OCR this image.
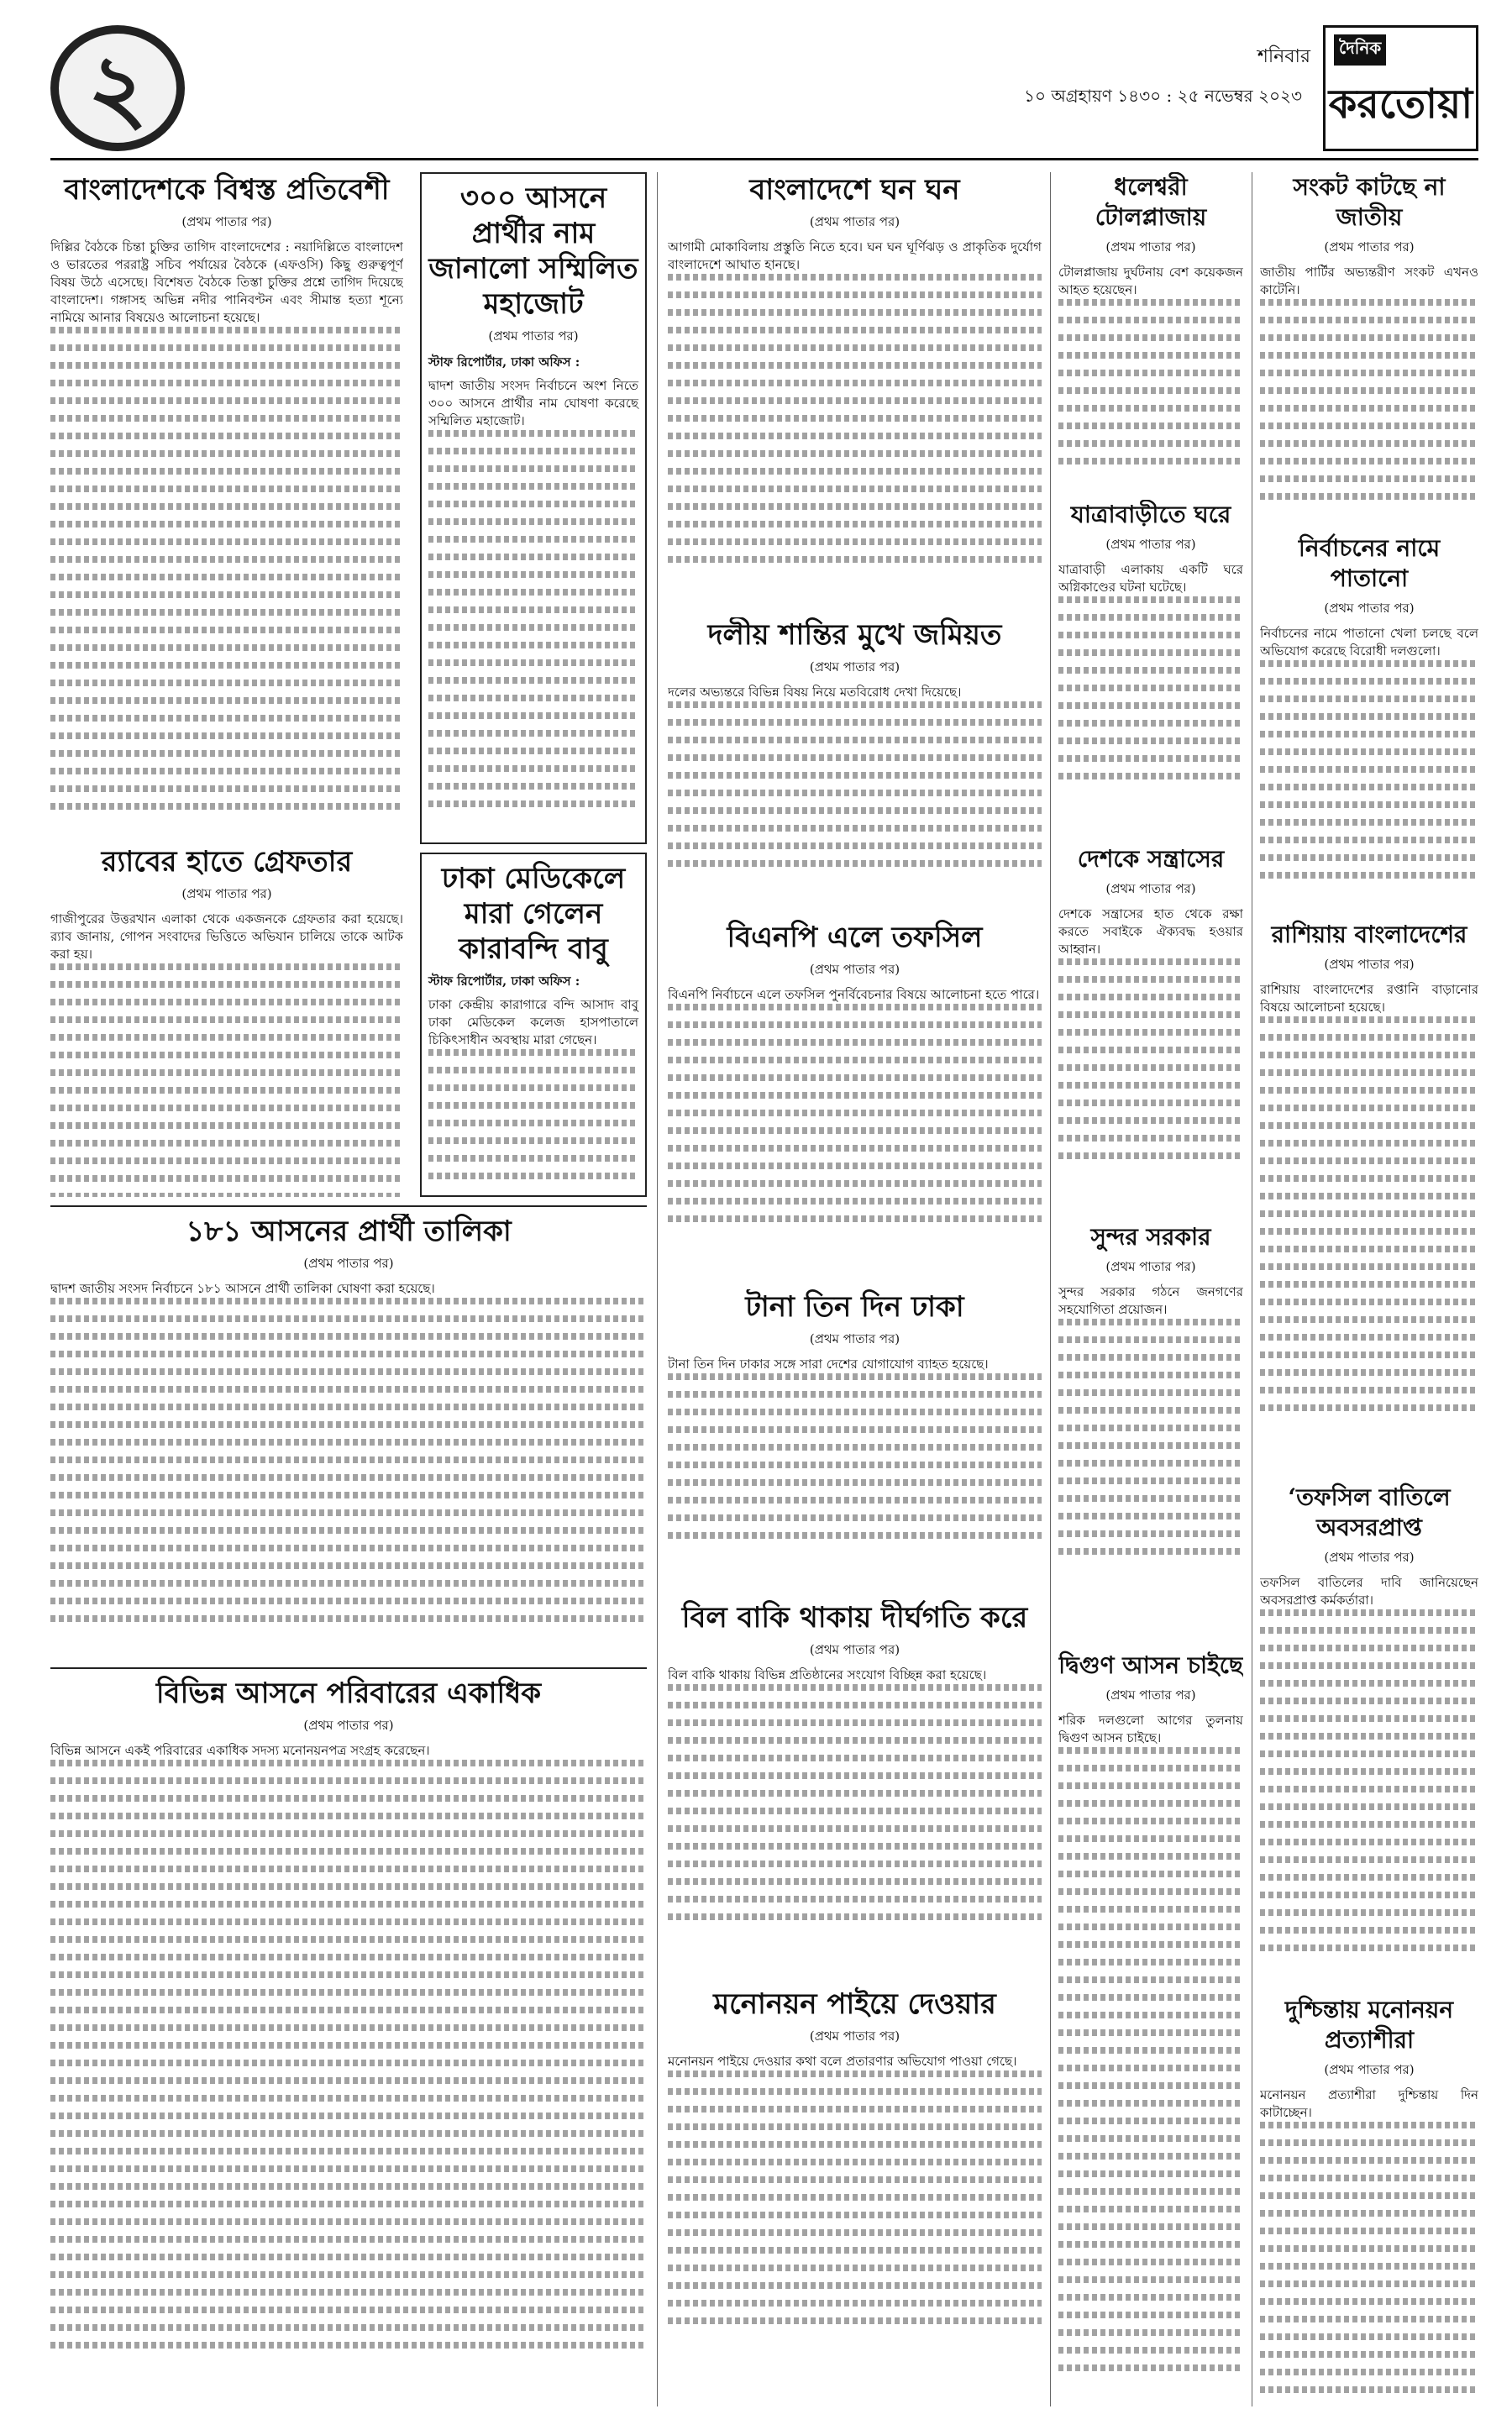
২	শনিবার
১০ অগ্রহায়ণ ১৪৩০ : ২৫ নভেম্বর ২০২৩
দৈনিক
করতোয়া
বাংলাদেশকে বিশ্বস্ত প্রতিবেশী
(প্রথম পাতার পর)

দিল্লির বৈঠকে চিন্তা চুক্তির তাগিদ বাংলাদেশের : নয়াদিল্লিতে বাংলাদেশ ও ভারতের পররাষ্ট্র সচিব পর্যায়ের বৈঠকে (এফওসি) কিছু গুরুত্বপূর্ণ বিষয় উঠে এসেছে। বিশেষত বৈঠকে তিস্তা চুক্তির প্রশ্নে তাগিদ দিয়েছে বাংলাদেশ। গঙ্গাসহ অভিন্ন নদীর পানিবণ্টন এবং সীমান্ত হত্যা শূন্যে নামিয়ে আনার বিষয়েও আলোচনা হয়েছে।

র‌্যাবের হাতে গ্রেফতার
(প্রথম পাতার পর)

গাজীপুরের উত্তরখান এলাকা থেকে একজনকে গ্রেফতার করা হয়েছে। র‌্যাব জানায়, গোপন সংবাদের ভিত্তিতে অভিযান চালিয়ে তাকে আটক করা হয়।

৩০০ আসনে প্রার্থীর নাম জানালো সম্মিলিত মহাজোট
(প্রথম পাতার পর)
স্টাফ রিপোর্টার, ঢাকা অফিস :

দ্বাদশ জাতীয় সংসদ নির্বাচনে অংশ নিতে ৩০০ আসনে প্রার্থীর নাম ঘোষণা করেছে সম্মিলিত মহাজোট।

ঢাকা মেডিকেলে মারা গেলেন কারাবন্দি বাবু
স্টাফ রিপোর্টার, ঢাকা অফিস :

ঢাকা কেন্দ্রীয় কারাগারে বন্দি আসাদ বাবু ঢাকা মেডিকেল কলেজ হাসপাতালে চিকিৎসাধীন অবস্থায় মারা গেছেন।

১৮১ আসনের প্রার্থী তালিকা
(প্রথম পাতার পর)

দ্বাদশ জাতীয় সংসদ নির্বাচনে ১৮১ আসনে প্রার্থী তালিকা ঘোষণা করা হয়েছে।

বিভিন্ন আসনে পরিবারের একাধিক
(প্রথম পাতার পর)

বিভিন্ন আসনে একই পরিবারের একাধিক সদস্য মনোনয়নপত্র সংগ্রহ করেছেন।

বাংলাদেশে ঘন ঘন
(প্রথম পাতার পর)

আগামী মোকাবিলায় প্রস্তুতি নিতে হবে। ঘন ঘন ঘূর্ণিঝড় ও প্রাকৃতিক দুর্যোগ বাংলাদেশে আঘাত হানছে।

দলীয় শান্তির মুখে জমিয়ত
(প্রথম পাতার পর)

দলের অভ্যন্তরে বিভিন্ন বিষয় নিয়ে মতবিরোধ দেখা দিয়েছে।

বিএনপি এলে তফসিল
(প্রথম পাতার পর)

বিএনপি নির্বাচনে এলে তফসিল পুনর্বিবেচনার বিষয়ে আলোচনা হতে পারে।

টানা তিন দিন ঢাকা
(প্রথম পাতার পর)

টানা তিন দিন ঢাকার সঙ্গে সারা দেশের যোগাযোগ ব্যাহত হয়েছে।

বিল বাকি থাকায় দীর্ঘগতি করে
(প্রথম পাতার পর)

বিল বাকি থাকায় বিভিন্ন প্রতিষ্ঠানের সংযোগ বিচ্ছিন্ন করা হয়েছে।

মনোনয়ন পাইয়ে দেওয়ার
(প্রথম পাতার পর)

মনোনয়ন পাইয়ে দেওয়ার কথা বলে প্রতারণার অভিযোগ পাওয়া গেছে।

ধলেশ্বরী টোলপ্লাজায়
(প্রথম পাতার পর)

টোলপ্লাজায় দুর্ঘটনায় বেশ কয়েকজন আহত হয়েছেন।

যাত্রাবাড়ীতে ঘরে
(প্রথম পাতার পর)

যাত্রাবাড়ী এলাকায় একটি ঘরে অগ্নিকাণ্ডের ঘটনা ঘটেছে।

দেশকে সন্ত্রাসের
(প্রথম পাতার পর)

দেশকে সন্ত্রাসের হাত থেকে রক্ষা করতে সবাইকে ঐক্যবদ্ধ হওয়ার আহ্বান।

সুন্দর সরকার
(প্রথম পাতার পর)

সুন্দর সরকার গঠনে জনগণের সহযোগিতা প্রয়োজন।

দ্বিগুণ আসন চাইছে
(প্রথম পাতার পর)

শরিক দলগুলো আগের তুলনায় দ্বিগুণ আসন চাইছে।

সংকট কাটছে না জাতীয়
(প্রথম পাতার পর)

জাতীয় পার্টির অভ্যন্তরীণ সংকট এখনও কাটেনি।

নির্বাচনের নামে পাতানো
(প্রথম পাতার পর)

নির্বাচনের নামে পাতানো খেলা চলছে বলে অভিযোগ করেছে বিরোধী দলগুলো।

রাশিয়ায় বাংলাদেশের
(প্রথম পাতার পর)

রাশিয়ায় বাংলাদেশের রপ্তানি বাড়ানোর বিষয়ে আলোচনা হয়েছে।

‘তফসিল বাতিলে অবসরপ্রাপ্ত
(প্রথম পাতার পর)

তফসিল বাতিলের দাবি জানিয়েছেন অবসরপ্রাপ্ত কর্মকর্তারা।

দুশ্চিন্তায় মনোনয়ন প্রত্যাশীরা
(প্রথম পাতার পর)

মনোনয়ন প্রত্যাশীরা দুশ্চিন্তায় দিন কাটাচ্ছেন।
